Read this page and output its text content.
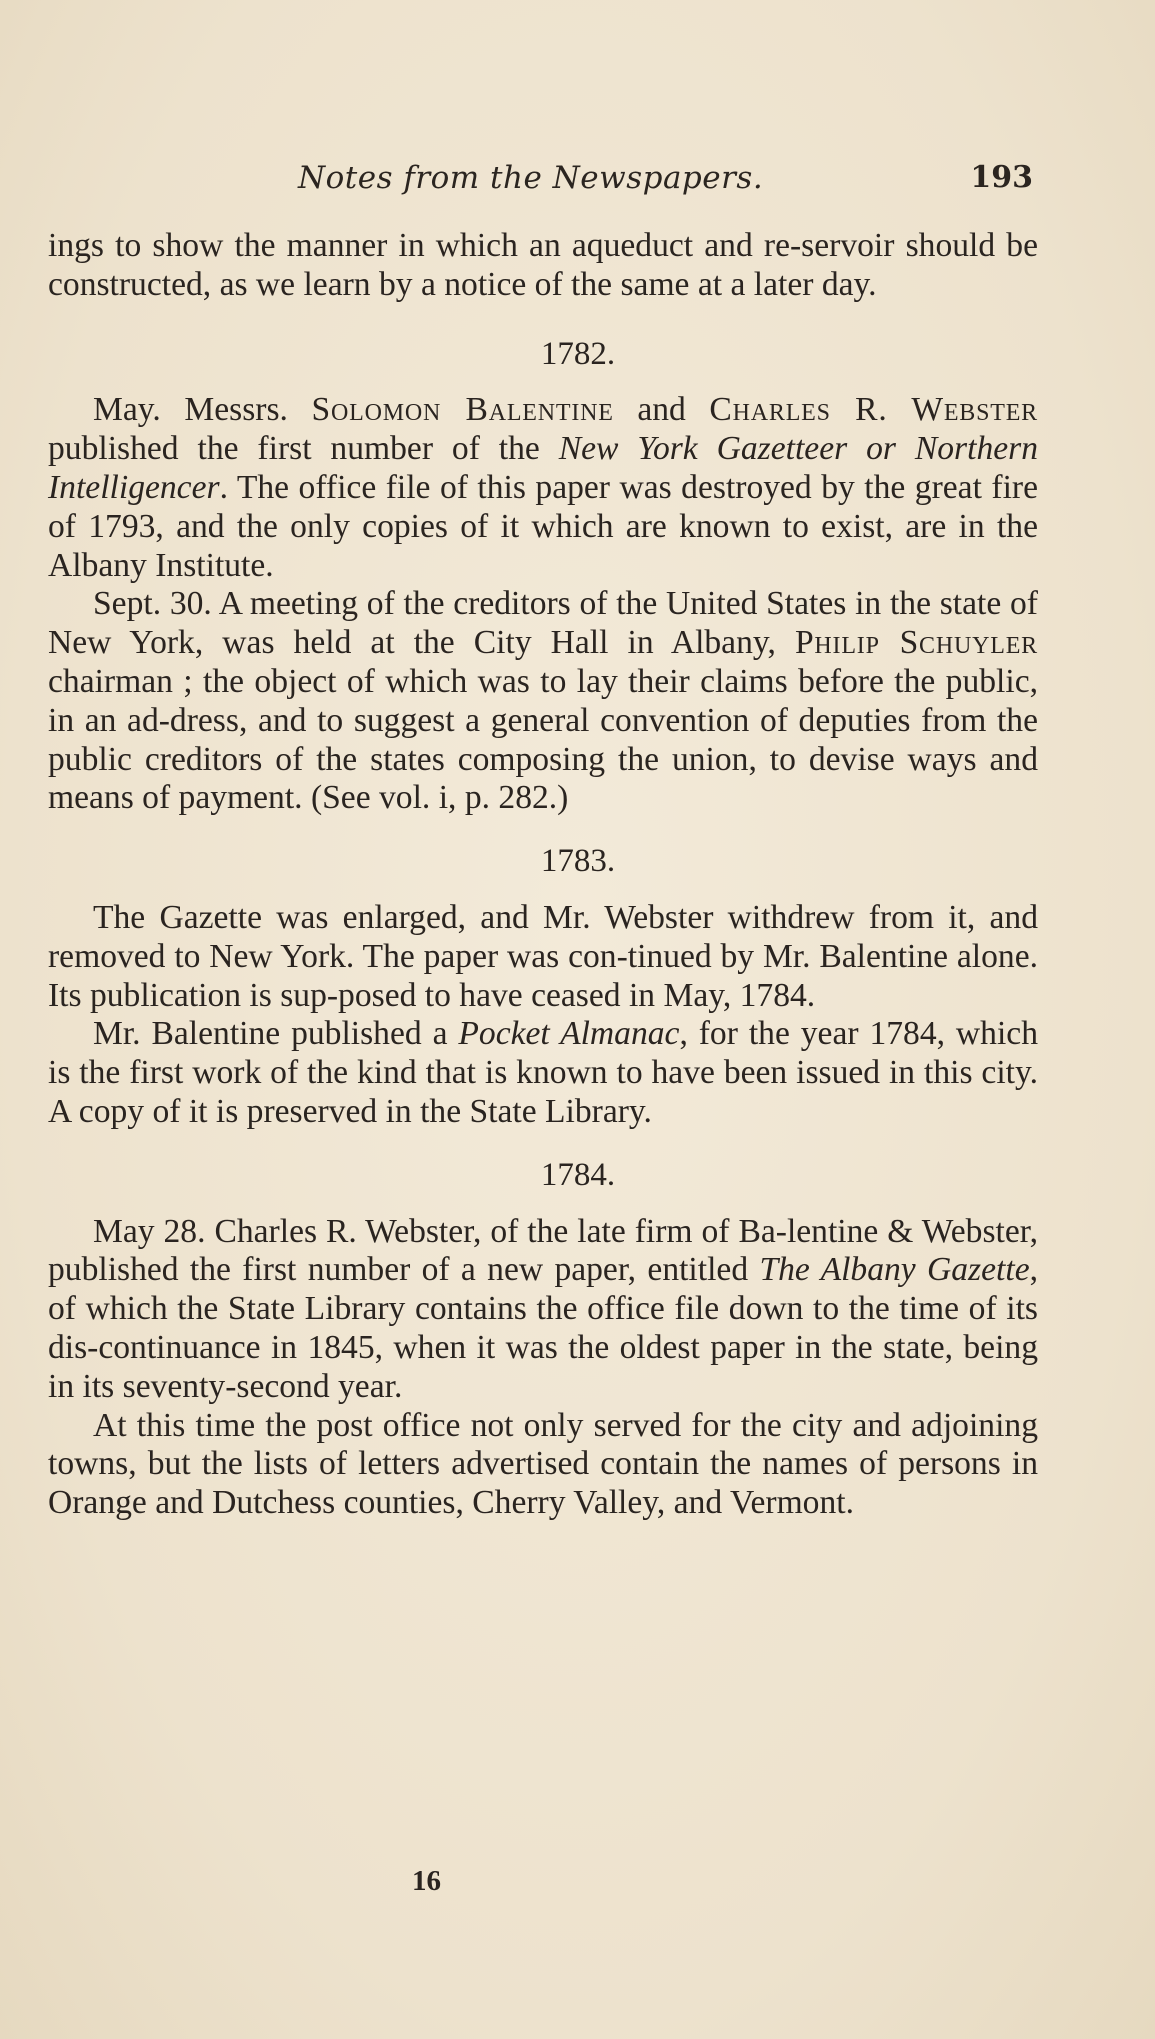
Notes from the Newspapers.	193

ings to show the manner in which an aqueduct and re‑servoir should be constructed, as we learn by a notice of the same at a later day.

1782.

May. Messrs. Solomon Balentine and Charles R. Webster published the first number of the New York Gazetteer or Northern Intelligencer. The office file of this paper was destroyed by the great fire of 1793, and the only copies of it which are known to exist, are in the Albany Institute.

Sept. 30. A meeting of the creditors of the United States in the state of New York, was held at the City Hall in Albany, Philip Schuyler chairman ; the object of which was to lay their claims before the public, in an ad‑dress, and to suggest a general convention of deputies from the public creditors of the states composing the union, to devise ways and means of payment. (See vol. i, p. 282.)

1783.

The Gazette was enlarged, and Mr. Webster withdrew from it, and removed to New York. The paper was con‑tinued by Mr. Balentine alone. Its publication is sup‑posed to have ceased in May, 1784.

Mr. Balentine published a Pocket Almanac, for the year 1784, which is the first work of the kind that is known to have been issued in this city. A copy of it is preserved in the State Library.

1784.

May 28. Charles R. Webster, of the late firm of Ba‑lentine & Webster, published the first number of a new paper, entitled The Albany Gazette, of which the State Library contains the office file down to the time of its dis‑continuance in 1845, when it was the oldest paper in the state, being in its seventy-second year.

At this time the post office not only served for the city and adjoining towns, but the lists of letters advertised contain the names of persons in Orange and Dutchess counties, Cherry Valley, and Vermont.

16
